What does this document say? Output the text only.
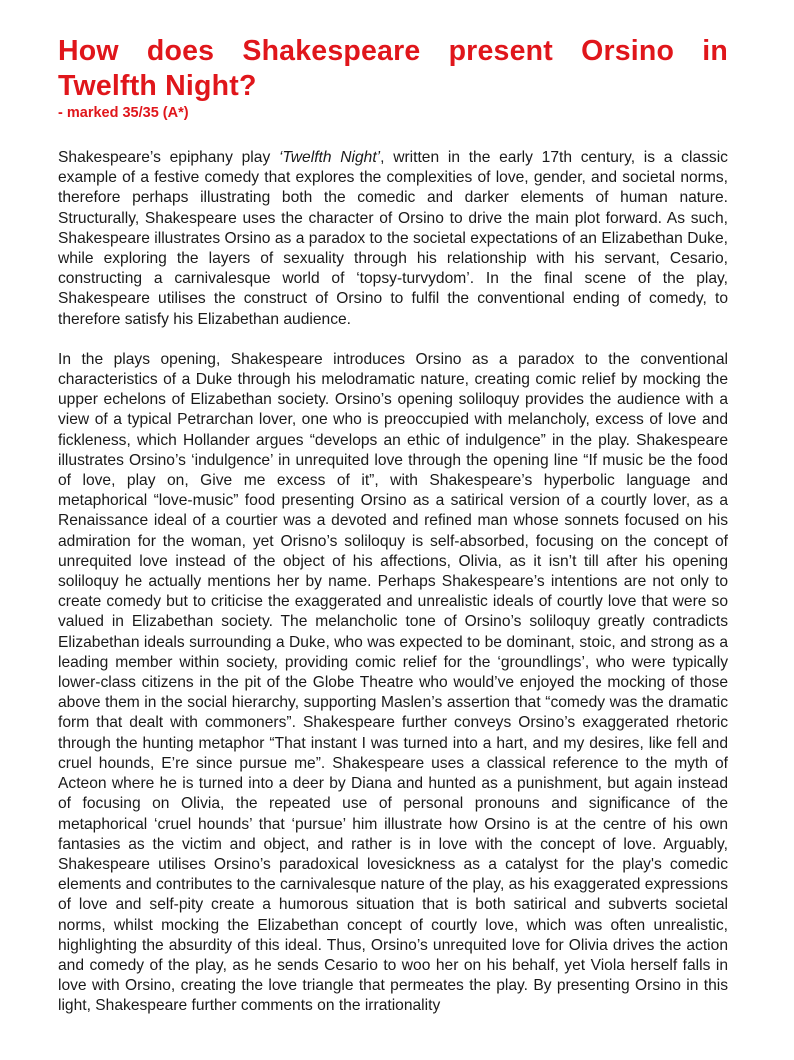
How does Shakespeare present Orsino in Twelfth Night?
- marked 35/35 (A*)

Shakespeare’s epiphany play ‘Twelfth Night’, written in the early 17th century, is a classic example of a festive comedy that explores the complexities of love, gender, and societal norms, therefore perhaps illustrating both the comedic and darker elements of human nature. Structurally, Shakespeare uses the character of Orsino to drive the main plot forward. As such, Shakespeare illustrates Orsino as a paradox to the societal expectations of an Elizabethan Duke, while exploring the layers of sexuality through his relationship with his servant, Cesario, constructing a carnivalesque world of ‘topsy-turvydom’. In the final scene of the play, Shakespeare utilises the construct of Orsino to fulfil the conventional ending of comedy, to therefore satisfy his Elizabethan audience.

In the plays opening, Shakespeare introduces Orsino as a paradox to the conventional characteristics of a Duke through his melodramatic nature, creating comic relief by mocking the upper echelons of Elizabethan society. Orsino’s opening soliloquy provides the audience with a view of a typical Petrarchan lover, one who is preoccupied with melancholy, excess of love and fickleness, which Hollander argues “develops an ethic of indulgence” in the play. Shakespeare illustrates Orsino’s ‘indulgence’ in unrequited love through the opening line “If music be the food of love, play on, Give me excess of it”, with Shakespeare’s hyperbolic language and metaphorical “love-music” food presenting Orsino as a satirical version of a courtly lover, as a Renaissance ideal of a courtier was a devoted and refined man whose sonnets focused on his admiration for the woman, yet Orisno’s soliloquy is self-absorbed, focusing on the concept of unrequited love instead of the object of his affections, Olivia, as it isn’t till after his opening soliloquy he actually mentions her by name. Perhaps Shakespeare’s intentions are not only to create comedy but to criticise the exaggerated and unrealistic ideals of courtly love that were so valued in Elizabethan society. The melancholic tone of Orsino’s soliloquy greatly contradicts Elizabethan ideals surrounding a Duke, who was expected to be dominant, stoic, and strong as a leading member within society, providing comic relief for the ‘groundlings’, who were typically lower-class citizens in the pit of the Globe Theatre who would’ve enjoyed the mocking of those above them in the social hierarchy, supporting Maslen’s assertion that “comedy was the dramatic form that dealt with commoners”. Shakespeare further conveys Orsino’s exaggerated rhetoric through the hunting metaphor “That instant I was turned into a hart, and my desires, like fell and cruel hounds, E’re since pursue me”. Shakespeare uses a classical reference to the myth of Acteon where he is turned into a deer by Diana and hunted as a punishment, but again instead of focusing on Olivia, the repeated use of personal pronouns and significance of the metaphorical ‘cruel hounds’ that ‘pursue’ him illustrate how Orsino is at the centre of his own fantasies as the victim and object, and rather is in love with the concept of love. Arguably, Shakespeare utilises Orsino’s paradoxical lovesickness as a catalyst for the play's comedic elements and contributes to the carnivalesque nature of the play, as his exaggerated expressions of love and self-pity create a humorous situation that is both satirical and subverts societal norms, whilst mocking the Elizabethan concept of courtly love, which was often unrealistic, highlighting the absurdity of this ideal. Thus, Orsino’s unrequited love for Olivia drives the action and comedy of the play, as he sends Cesario to woo her on his behalf, yet Viola herself falls in love with Orsino, creating the love triangle that permeates the play. By presenting Orsino in this light, Shakespeare further comments on the irrationality
